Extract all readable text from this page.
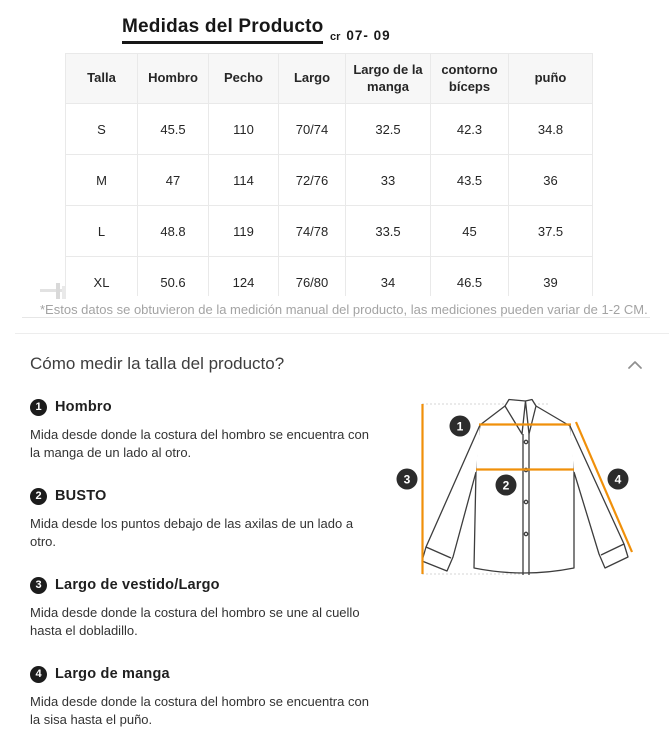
Medidas del Producto cr 07- 09
Talla	Hombro	Pecho	Largo	Largo de la manga	contorno bíceps	puño
S	45.5	110	70/74	32.5	42.3	34.8
M	47	114	72/76	33	43.5	36
L	48.8	119	74/78	33.5	45	37.5
XL	50.6	124	76/80	34	46.5	39
*Estos datos se obtuvieron de la medición manual del producto, las mediciones pueden variar de 1-2 CM.
Cómo medir la talla del producto?
1 Hombro
Mida desde donde la costura del hombro se encuentra con la manga de un lado al otro.
2 BUSTO
Mida desde los puntos debajo de las axilas de un lado a otro.
3 Largo de vestido/Largo
Mida desde donde la costura del hombro se une al cuello hasta el dobladillo.
4 Largo de manga
Mida desde donde la costura del hombro se encuentra con la sisa hasta el puño.
1
2
3	4
